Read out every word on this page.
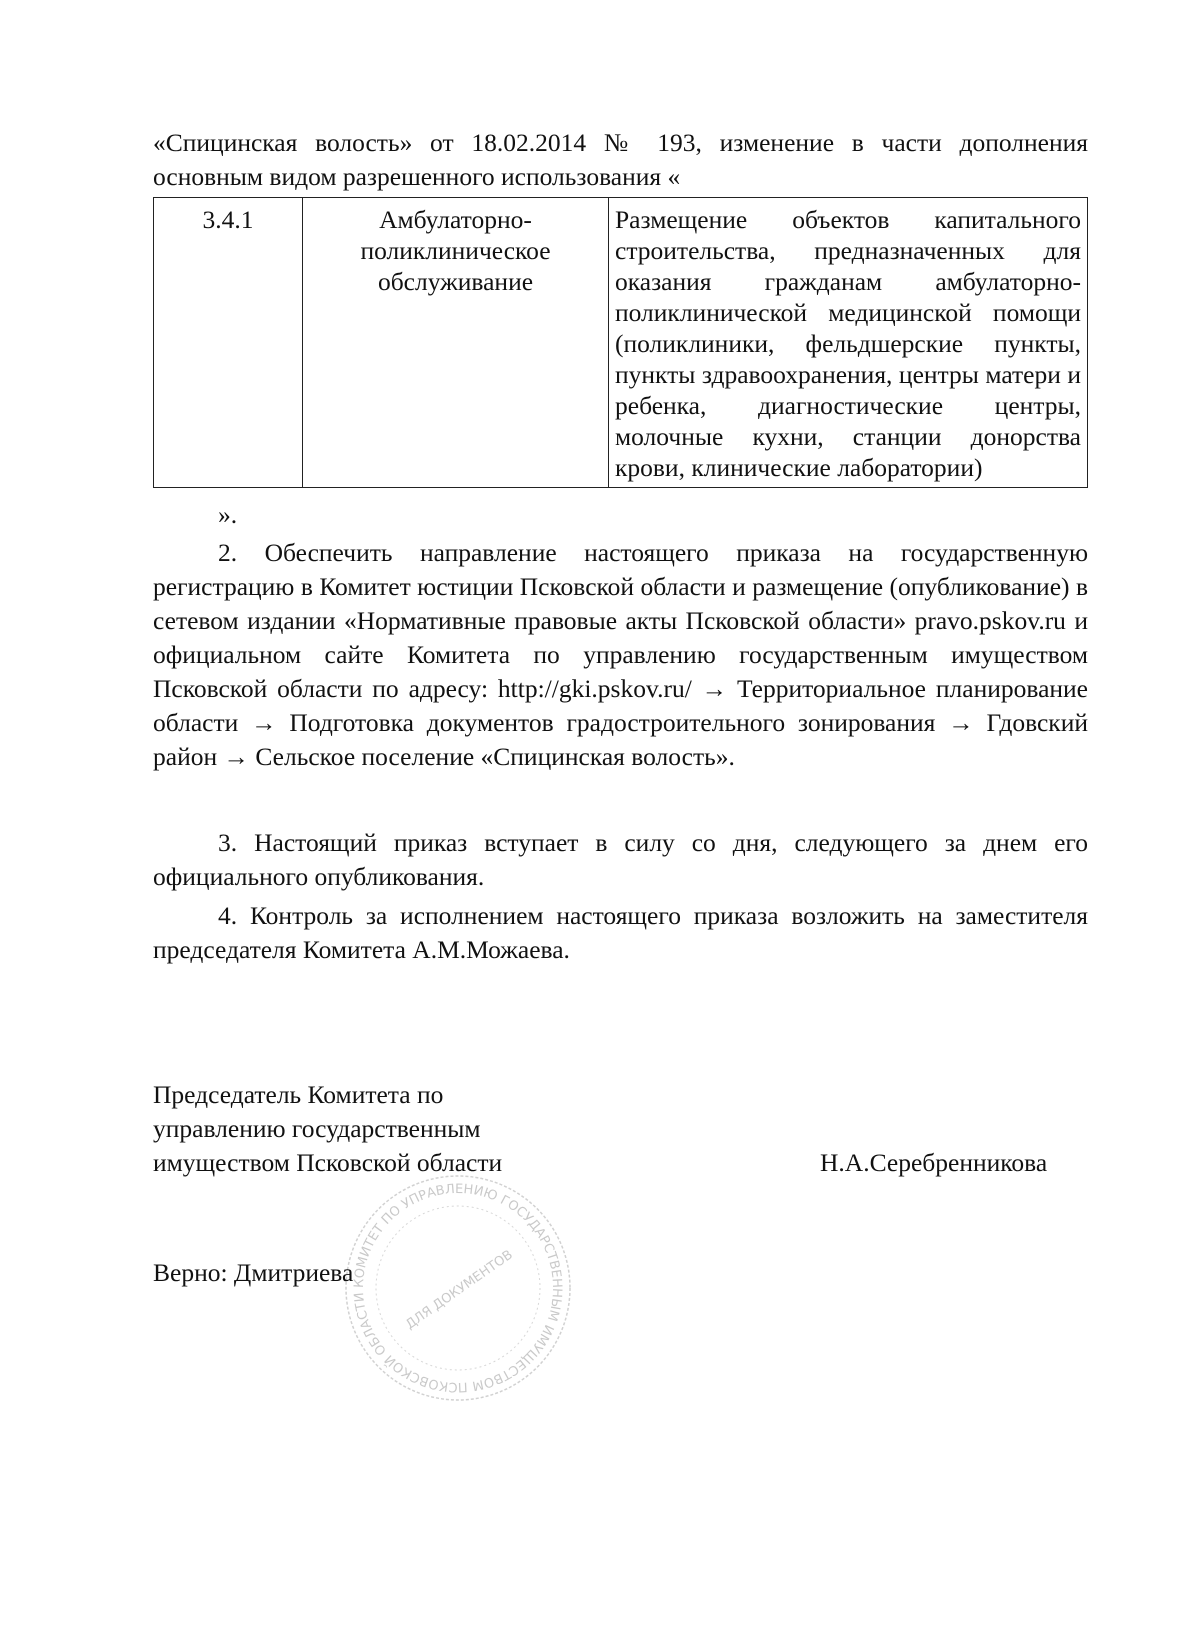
«Спицинская волость» от 18.02.2014 № 193, изменение в части дополнения основным видом разрешенного использования «
3.4.1	Амбулаторно-поликлиническое обслуживание	Размещение объектов капитального строительства, предназначенных для оказания гражданам амбулаторно-поликлинической медицинской помощи (поликлиники, фельдшерские пункты, пункты здравоохранения, центры матери и ребенка, диагностические центры, молочные кухни, станции донорства крови, клинические лаборатории)
».

2. Обеспечить направление настоящего приказа на государственную регистрацию в Комитет юстиции Псковской области и размещение (опубликование) в сетевом издании «Нормативные правовые акты Псковской области» pravo.pskov.ru и официальном сайте Комитета по управлению государственным имуществом Псковской области по адресу: http://gki.pskov.ru/ → Территориальное планирование области → Подготовка документов градостроительного зонирования → Гдовский район → Сельское поселение «Спицинская волость».

3. Настоящий приказ вступает в силу со дня, следующего за днем его официального опубликования.

4. Контроль за исполнением настоящего приказа возложить на заместителя председателя Комитета А.М.Можаева.

Председатель Комитета по
управлению государственным
имуществом Псковской области	Н.А.Серебренникова
КОМИТЕТ ПО УПРАВЛЕНИЮ ГОСУДАРСТВЕННЫМ ИМУЩЕСТВОМ ПСКОВСКОЙ ОБЛАСТИ	ДЛЯ ДОКУМЕНТОВ
Верно: Дмитриева
